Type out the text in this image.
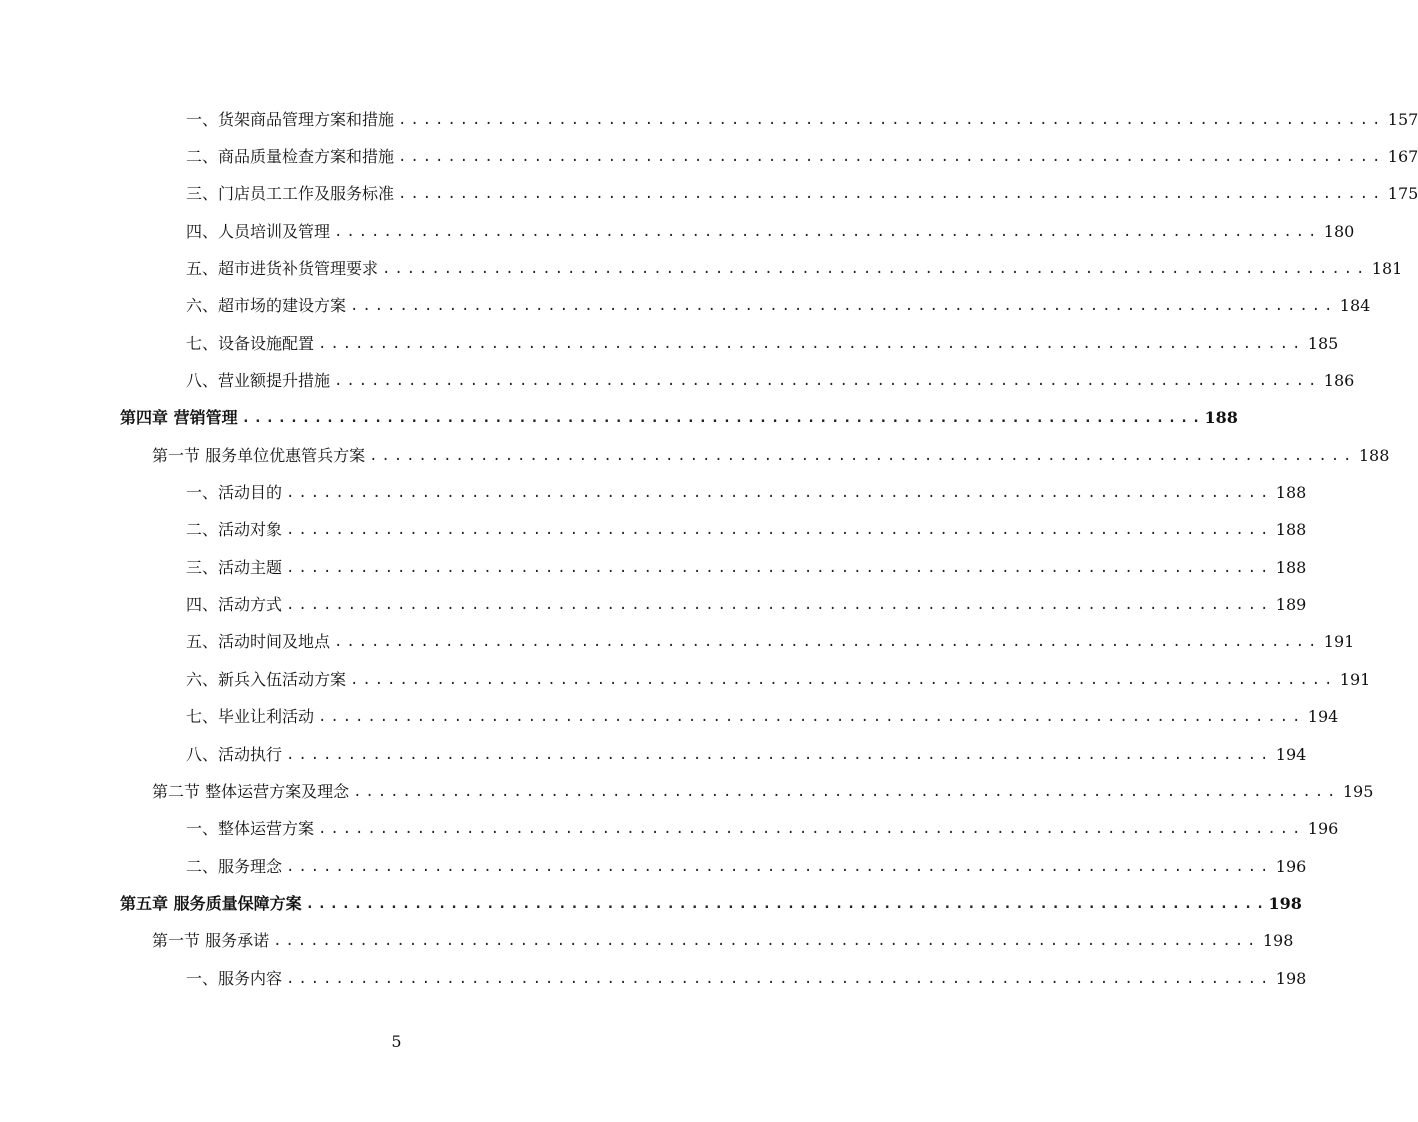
一、货架商品管理方案和措施 ................................................................................ 157
二、商品质量检查方案和措施 ................................................................................ 167
三、门店员工工作及服务标准 ................................................................................ 175
四、人员培训及管理 ................................................................................ 180
五、超市进货补货管理要求 ................................................................................ 181
六、超市场的建设方案 ................................................................................ 184
七、设备设施配置 ................................................................................ 185
八、营业额提升措施 ................................................................................ 186
第四章 营销管理 ................................................................................ 188
第一节 服务单位优惠管兵方案 ................................................................................ 188
一、活动目的 ................................................................................ 188
二、活动对象 ................................................................................ 188
三、活动主题 ................................................................................ 188
四、活动方式 ................................................................................ 189
五、活动时间及地点 ................................................................................ 191
六、新兵入伍活动方案 ................................................................................ 191
七、毕业让利活动 ................................................................................ 194
八、活动执行 ................................................................................ 194
第二节 整体运营方案及理念 ................................................................................ 195
一、整体运营方案 ................................................................................ 196
二、服务理念 ................................................................................ 196
第五章 服务质量保障方案 ................................................................................ 198
第一节 服务承诺 ................................................................................ 198
一、服务内容 ................................................................................ 198
5
